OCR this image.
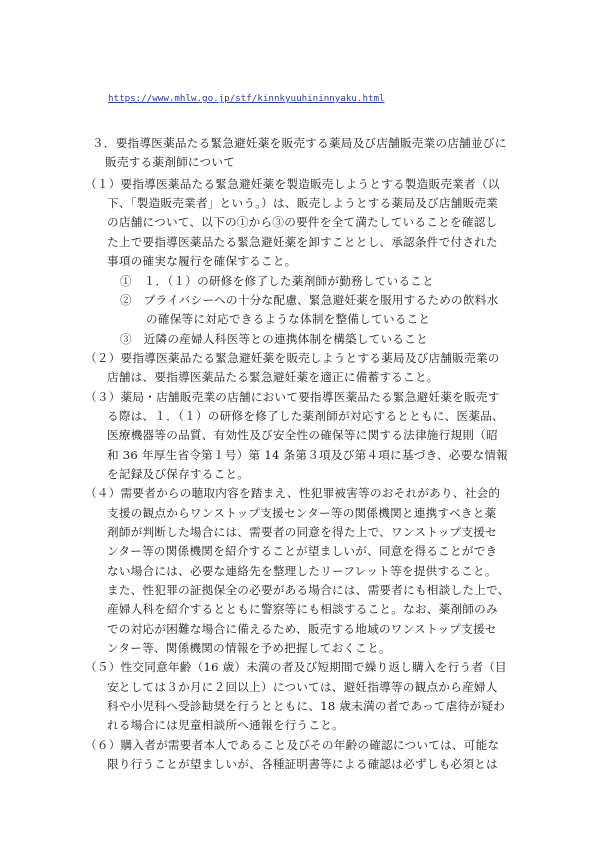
https://www.mhlw.go.jp/stf/kinnkyuuhininnyaku.html
３．要指導医薬品たる緊急避妊薬を販売する薬局及び店舗販売業の店舗並びに
販売する薬剤師について
（１）要指導医薬品たる緊急避妊薬を製造販売しようとする製造販売業者（以
下、「製造販売業者」という。）は、販売しようとする薬局及び店舗販売業
の店舗について、以下の①から③の要件を全て満たしていることを確認し
た上で要指導医薬品たる緊急避妊薬を卸すこととし、承認条件で付された
事項の確実な履行を確保すること。
①　１．（１）の研修を修了した薬剤師が勤務していること
②　プライバシーへの十分な配慮、緊急避妊薬を服用するための飲料水
の確保等に対応できるような体制を整備していること
③　近隣の産婦人科医等との連携体制を構築していること
（２）要指導医薬品たる緊急避妊薬を販売しようとする薬局及び店舗販売業の
店舗は、要指導医薬品たる緊急避妊薬を適正に備蓄すること。
（３）薬局・店舗販売業の店舗において要指導医薬品たる緊急避妊薬を販売す
る際は、１．（１）の研修を修了した薬剤師が対応するとともに、医薬品、
医療機器等の品質、有効性及び安全性の確保等に関する法律施行規則（昭
和 36 年厚生省令第１号）第 14 条第３項及び第４項に基づき、必要な情報
を記録及び保存すること。
（４）需要者からの聴取内容を踏まえ、性犯罪被害等のおそれがあり、社会的
支援の観点からワンストップ支援センター等の関係機関と連携すべきと薬
剤師が判断した場合には、需要者の同意を得た上で、ワンストップ支援セ
ンター等の関係機関を紹介することが望ましいが、同意を得ることができ
ない場合には、必要な連絡先を整理したリーフレット等を提供すること。
また、性犯罪の証拠保全の必要がある場合には、需要者にも相談した上で、
産婦人科を紹介するとともに警察等にも相談すること。なお、薬剤師のみ
での対応が困難な場合に備えるため、販売する地域のワンストップ支援セ
ンター等、関係機関の情報を予め把握しておくこと。
（５）性交同意年齢（16 歳）未満の者及び短期間で繰り返し購入を行う者（目
安としては３か月に２回以上）については、避妊指導等の観点から産婦人
科や小児科へ受診勧奨を行うとともに、18 歳未満の者であって虐待が疑わ
れる場合には児童相談所へ通報を行うこと。
（６）購入者が需要者本人であること及びその年齢の確認については、可能な
限り行うことが望ましいが、各種証明書等による確認は必ずしも必須とは
